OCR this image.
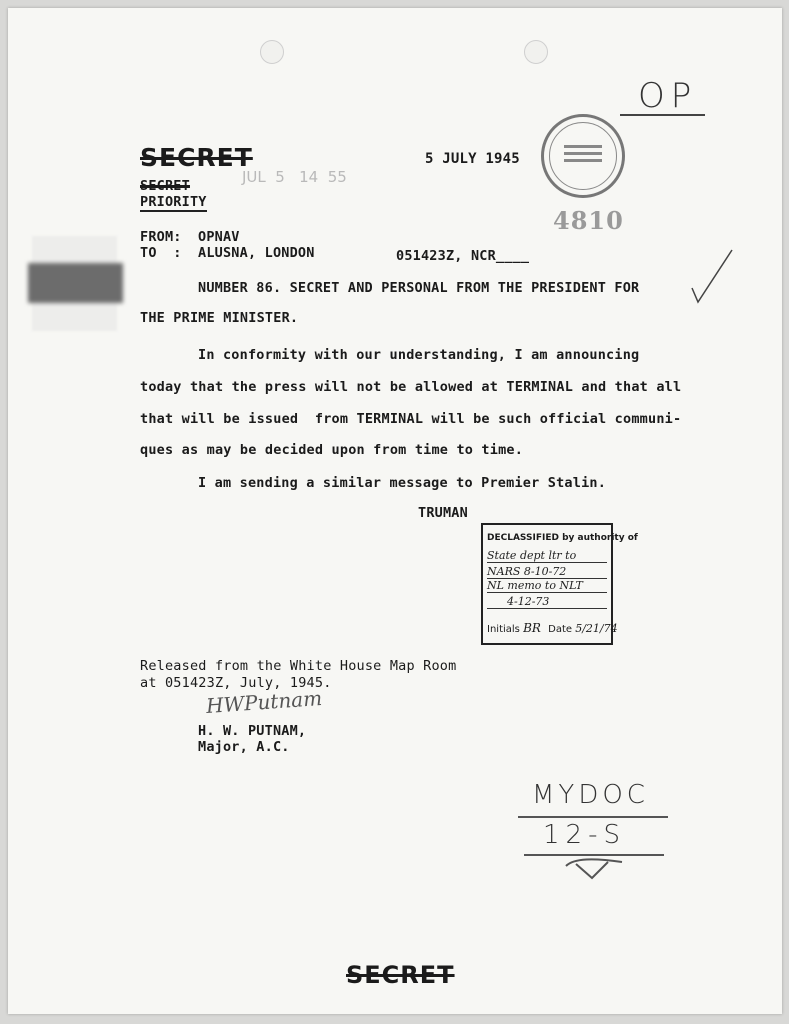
OP
SECRET
SECRET
PRIORITY
JUL  5   14  55
5 JULY 1945
4810
FROM: OPNAV
TO  : ALUSNA, LONDON	051423Z, NCR____
NUMBER 86. SECRET AND PERSONAL FROM THE PRESIDENT FOR
THE PRIME MINISTER.
In conformity with our understanding, I am announcing
today that the press will not be allowed at TERMINAL and that all
that will be issued  from TERMINAL will be such official communi-
ques as may be decided upon from time to time.
I am sending a similar message to Premier Stalin.
TRUMAN
DECLASSIFIED by authority of
State dept ltr to
NARS 8-10-72
NL memo to NLT
4-12-73
Initials BR Date 5/21/74
Released from the White House Map Room
at 051423Z, July, 1945.
HWPutnam
H. W. PUTNAM,
Major, A.C.
MYDOC
12-S
SECRET
